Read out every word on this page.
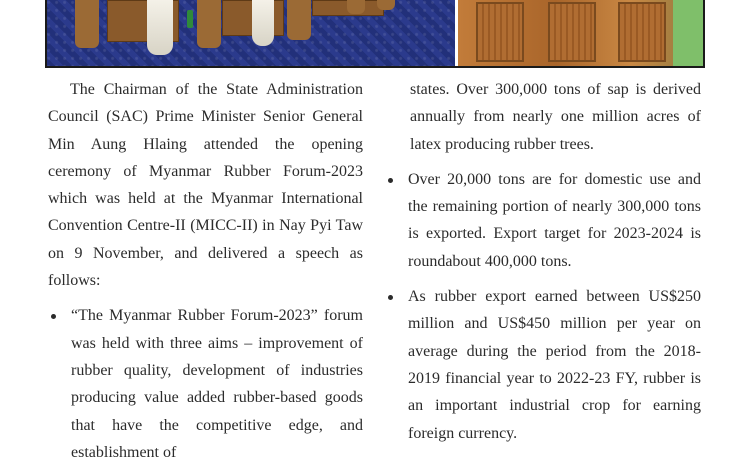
The Chairman of the State Administration Council (SAC) Prime Minister Senior General Min Aung Hlaing attended the opening ceremony of Myanmar Rubber Forum-2023 which was held at the Myanmar International Convention Centre-II (MICC-II) in Nay Pyi Taw on 9 November, and delivered a speech as follows:

“The Myanmar Rubber Forum-2023” forum was held with three aims – improvement of rubber quality, development of industries producing value added rubber-based goods that have the competitive edge, and establishment of

states. Over 300,000 tons of sap is derived annually from nearly one million acres of latex producing rubber trees.

Over 20,000 tons are for domestic use and the remaining portion of nearly 300,000 tons is exported. Export target for 2023-2024 is roundabout 400,000 tons.
As rubber export earned between US$250 million and US$450 million per year on average during the period from the 2018-2019 financial year to 2022-23 FY, rubber is an important industrial crop for earning foreign currency.
